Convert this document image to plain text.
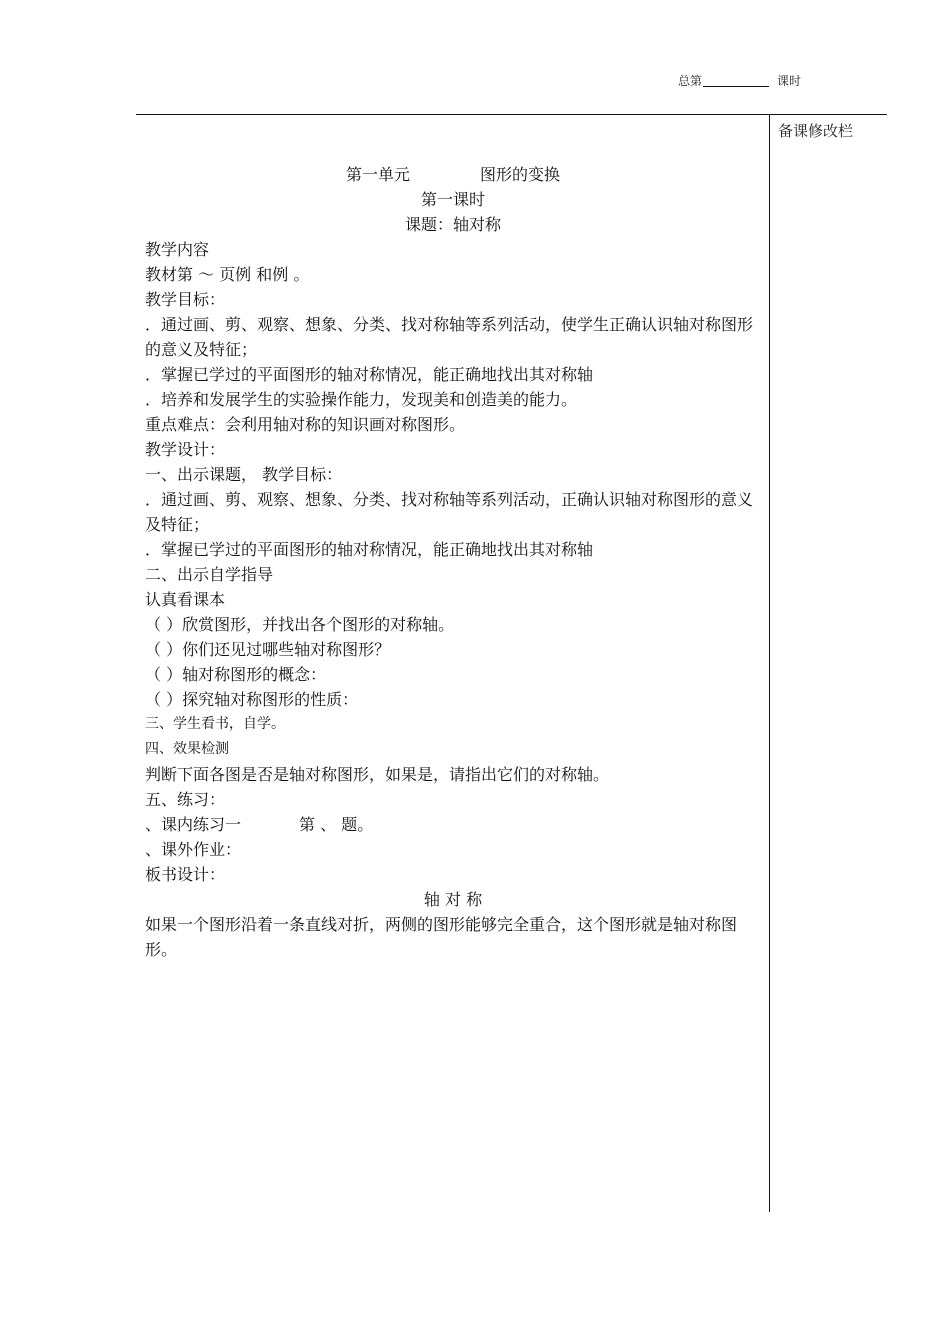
总第	课时
备课修改栏
第一单元	图形的变换
第一课时
课题：轴对称
教学内容
教材第 ～ 页例 和例 。
教学目标：
．通过画、剪、观察、想象、分类、找对称轴等系列活动，使学生正确认识轴对称图形的意义及特征；
．掌握已学过的平面图形的轴对称情况，能正确地找出其对称轴
．培养和发展学生的实验操作能力，发现美和创造美的能力。
重点难点：会利用轴对称的知识画对称图形。
教学设计：
一、出示课题， 教学目标：
．通过画、剪、观察、想象、分类、找对称轴等系列活动，正确认识轴对称图形的意义及特征；
．掌握已学过的平面图形的轴对称情况，能正确地找出其对称轴
二、出示自学指导
认真看课本
（ ）欣赏图形，并找出各个图形的对称轴。
（ ）你们还见过哪些轴对称图形？
（ ）轴对称图形的概念：
（ ）探究轴对称图形的性质：
三、学生看书，自学。
四、效果检测
判断下面各图是否是轴对称图形，如果是，请指出它们的对称轴。
五、练习：
、课内练习一	第 、 题。
、课外作业：
板书设计：
轴 对 称
如果一个图形沿着一条直线对折，两侧的图形能够完全重合，这个图形就是轴对称图形。
